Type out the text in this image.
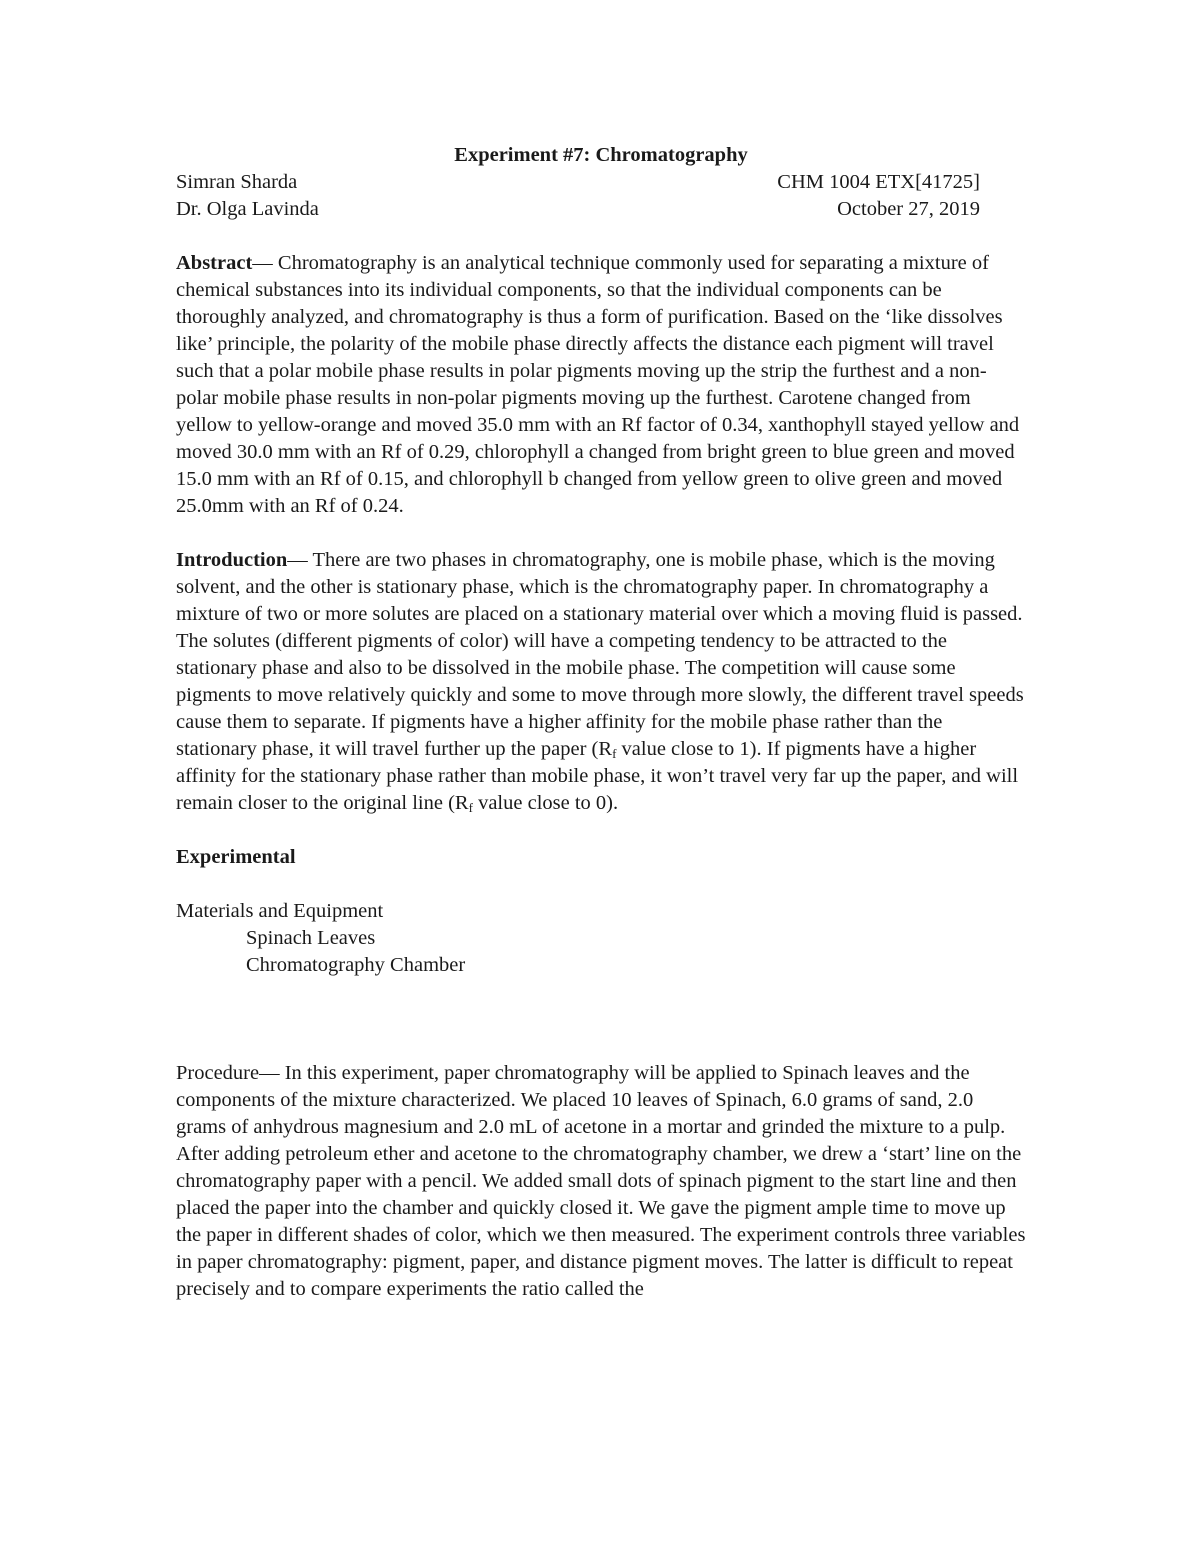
Experiment #7: Chromatography

Simran Sharda	CHM 1004 ETX[41725]
Dr. Olga Lavinda	October 27, 2019

Abstract— Chromatography is an analytical technique commonly used for separating a mixture of chemical substances into its individual components, so that the individual components can be thoroughly analyzed, and chromatography is thus a form of purification. Based on the ‘like dissolves like’ principle, the polarity of the mobile phase directly affects the distance each pigment will travel such that a polar mobile phase results in polar pigments moving up the strip the furthest and a non-polar mobile phase results in non-polar pigments moving up the furthest. Carotene changed from yellow to yellow-orange and moved 35.0 mm with an Rf factor of 0.34, xanthophyll stayed yellow and moved 30.0 mm with an Rf of 0.29, chlorophyll a changed from bright green to blue green and moved 15.0 mm with an Rf of 0.15, and chlorophyll b changed from yellow green to olive green and moved 25.0mm with an Rf of 0.24.

Introduction— There are two phases in chromatography, one is mobile phase, which is the moving solvent, and the other is stationary phase, which is the chromatography paper. In chromatography a mixture of two or more solutes are placed on a stationary material over which a moving fluid is passed. The solutes (different pigments of color) will have a competing tendency to be attracted to the stationary phase and also to be dissolved in the mobile phase. The competition will cause some pigments to move relatively quickly and some to move through more slowly, the different travel speeds cause them to separate. If pigments have a higher affinity for the mobile phase rather than the stationary phase, it will travel further up the paper ($R_f$ value close to 1). If pigments have a higher affinity for the stationary phase rather than mobile phase, it won’t travel very far up the paper, and will remain closer to the original line ($R_f$ value close to 0).

Experimental

Materials and Equipment

Spinach Leaves

Chromatography Chamber

Procedure— In this experiment, paper chromatography will be applied to Spinach leaves and the components of the mixture characterized. We placed 10 leaves of Spinach, 6.0 grams of sand, 2.0 grams of anhydrous magnesium and 2.0 mL of acetone in a mortar and grinded the mixture to a pulp. After adding petroleum ether and acetone to the chromatography chamber, we drew a ‘start’ line on the chromatography paper with a pencil. We added small dots of spinach pigment to the start line and then placed the paper into the chamber and quickly closed it. We gave the pigment ample time to move up the paper in different shades of color, which we then measured. The experiment controls three variables in paper chromatography: pigment, paper, and distance pigment moves. The latter is difficult to repeat precisely and to compare experiments the ratio called the
